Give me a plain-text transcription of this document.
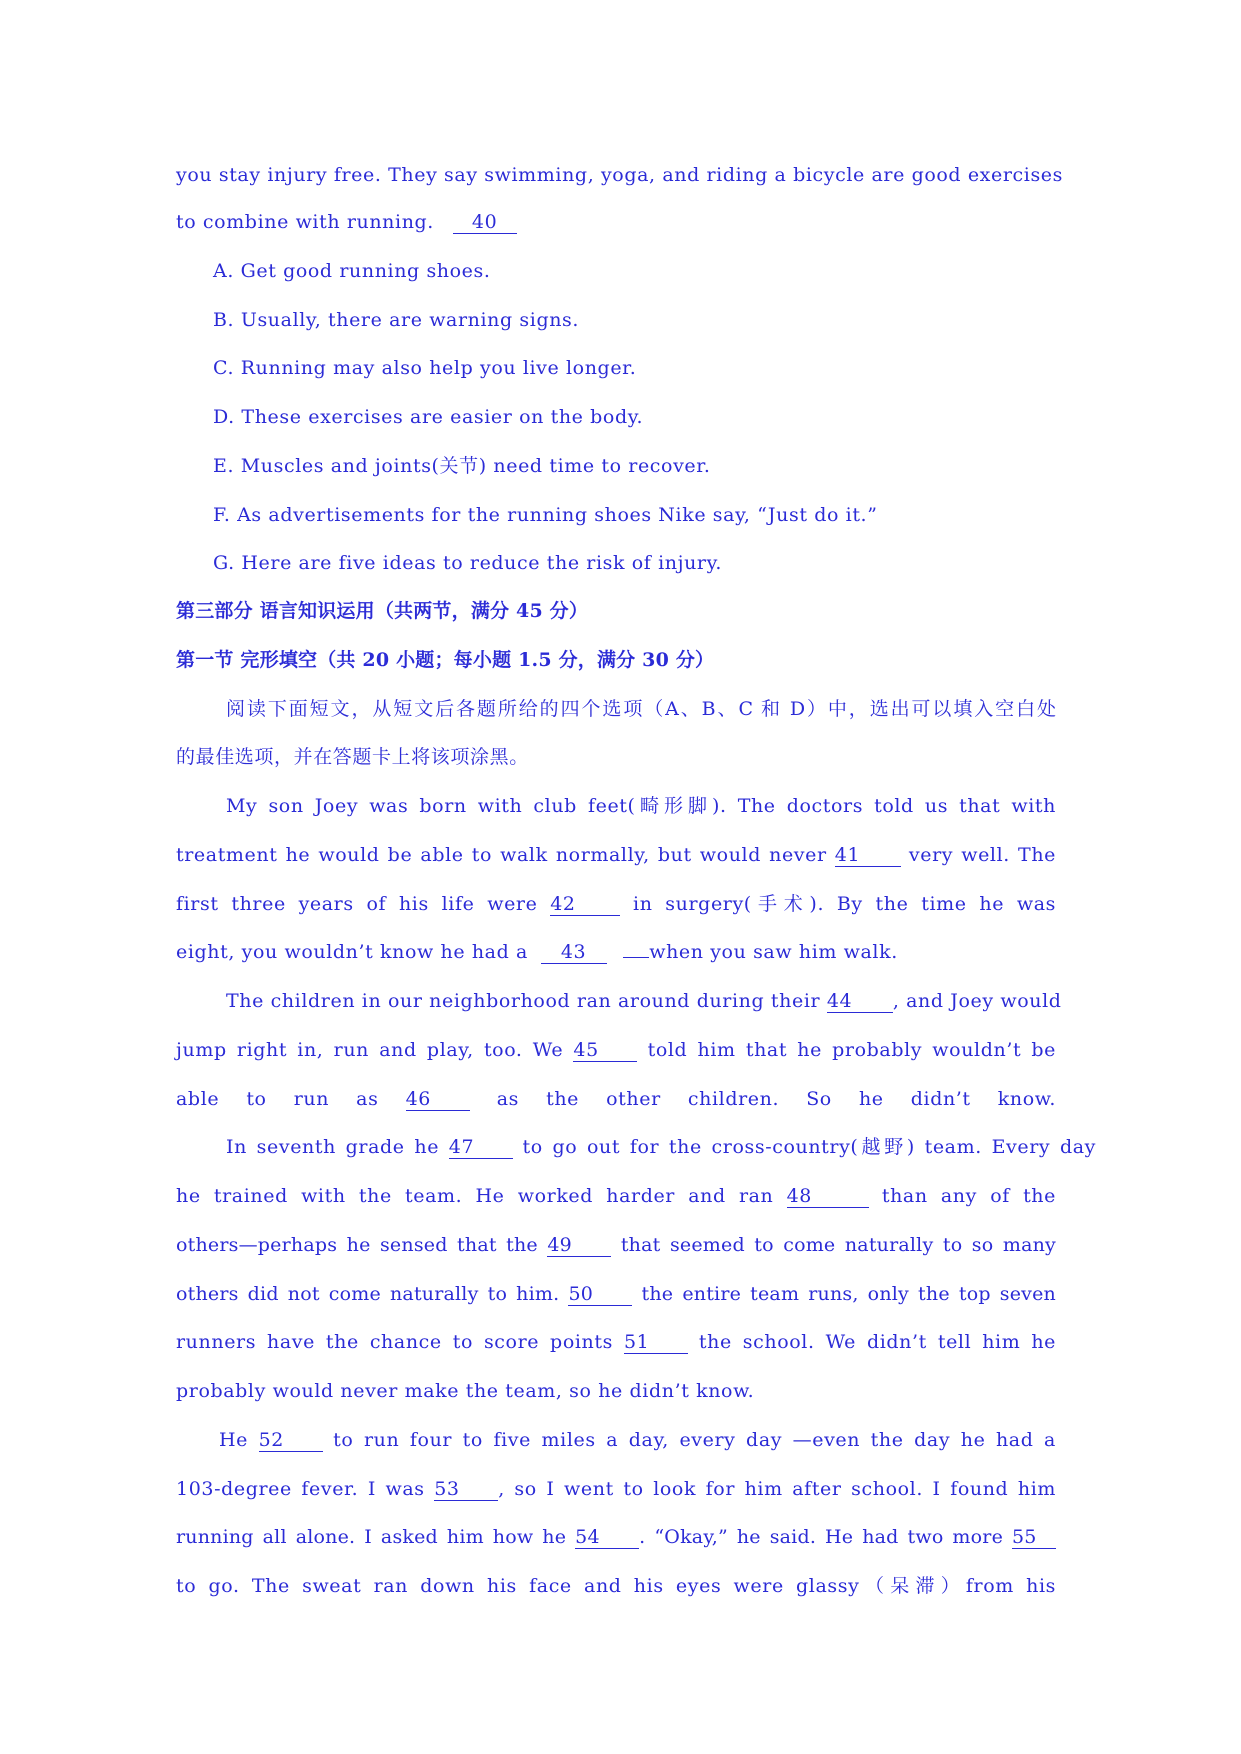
you stay injury free. They say swimming, yoga, and riding a bicycle are good exercises
to combine with running. 40
A. Get good running shoes.
B. Usually, there are warning signs.
C. Running may also help you live longer.
D. These exercises are easier on the body.
E. Muscles and joints(关节) need time to recover.
F. As advertisements for the running shoes Nike say, “Just do it.”
G. Here are five ideas to reduce the risk of injury.
第三部分 语言知识运用（共两节，满分 45 分）
第一节 完形填空（共 20 小题；每小题 1.5 分，满分 30 分）
阅读下面短文，从短文后各题所给的四个选项（A、B、C 和 D）中，选出可以填入空白处
的最佳选项，并在答题卡上将该项涂黑。
My son Joey was born with club feet(畸形脚). The doctors told us that with
treatment he would be able to walk normally, but would never 41	very well. The
first three years of his life were 42	in surgery(手术). By the time he was
eight, you wouldn’t know he had a 43	when you saw him walk.
The children in our neighborhood ran around during their 44 , and Joey would
jump right in, run and play, too. We 45	told him that he probably wouldn’t be
able to run as 46	as the other children. So he didn’t know.
In seventh grade he 47	to go out for the cross-country(越野) team. Every day
he trained with the team. He worked harder and ran 48	than any of the
others—perhaps he sensed that the 49	that seemed to come naturally to so many
others did not come naturally to him. 50	the entire team runs, only the top seven
runners have the chance to score points 51	the school. We didn’t tell him he
probably would never make the team, so he didn’t know.
He 52	to run four to five miles a day, every day —even the day he had a
103-degree fever. I was 53 , so I went to look for him after school. I found him
running all alone. I asked him how he 54 . “Okay,” he said. He had two more 55
to go. The sweat ran down his face and his eyes were glassy（呆滞）from his
